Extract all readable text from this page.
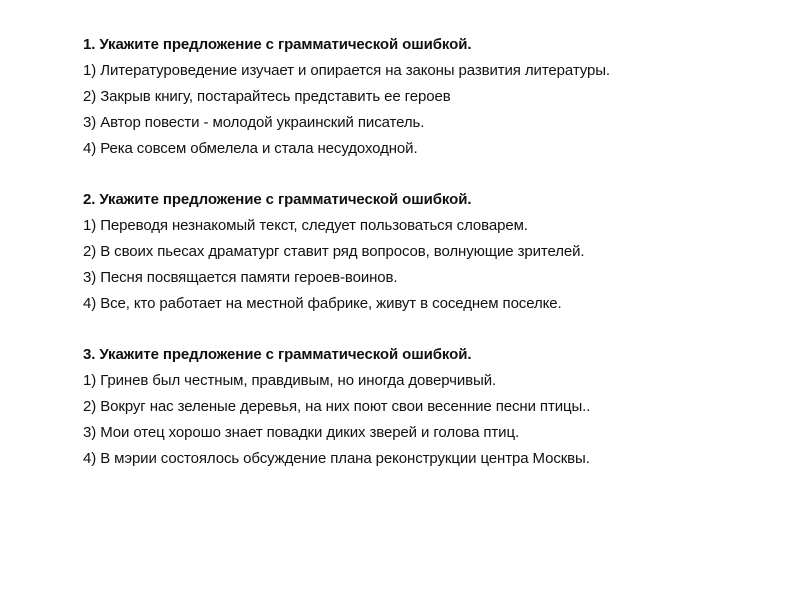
1. Укажите предложение с грамматической ошибкой.
1) Литературоведение изучает и опирается на законы развития литературы.
2) Закрыв книгу, постарайтесь представить ее героев
3) Автор повести - молодой украинский писатель.
4) Река совсем обмелела и стала несудоходной.
2. Укажите предложение с грамматической ошибкой.
1) Переводя незнакомый текст, следует пользоваться словарем.
2) В своих пьесах драматург ставит ряд вопросов, волнующие зрителей.
3) Песня посвящается памяти героев-воинов.
4) Все, кто работает на местной фабрике, живут в соседнем поселке.
3. Укажите предложение с грамматической ошибкой.
1) Гринев был честным, правдивым, но иногда доверчивый.
2) Вокруг нас зеленые деревья, на них поют свои весенние песни птицы..
3) Мои отец хорошо знает повадки диких зверей и голова птиц.
4) В мэрии состоялось обсуждение плана реконструкции центра Москвы.
